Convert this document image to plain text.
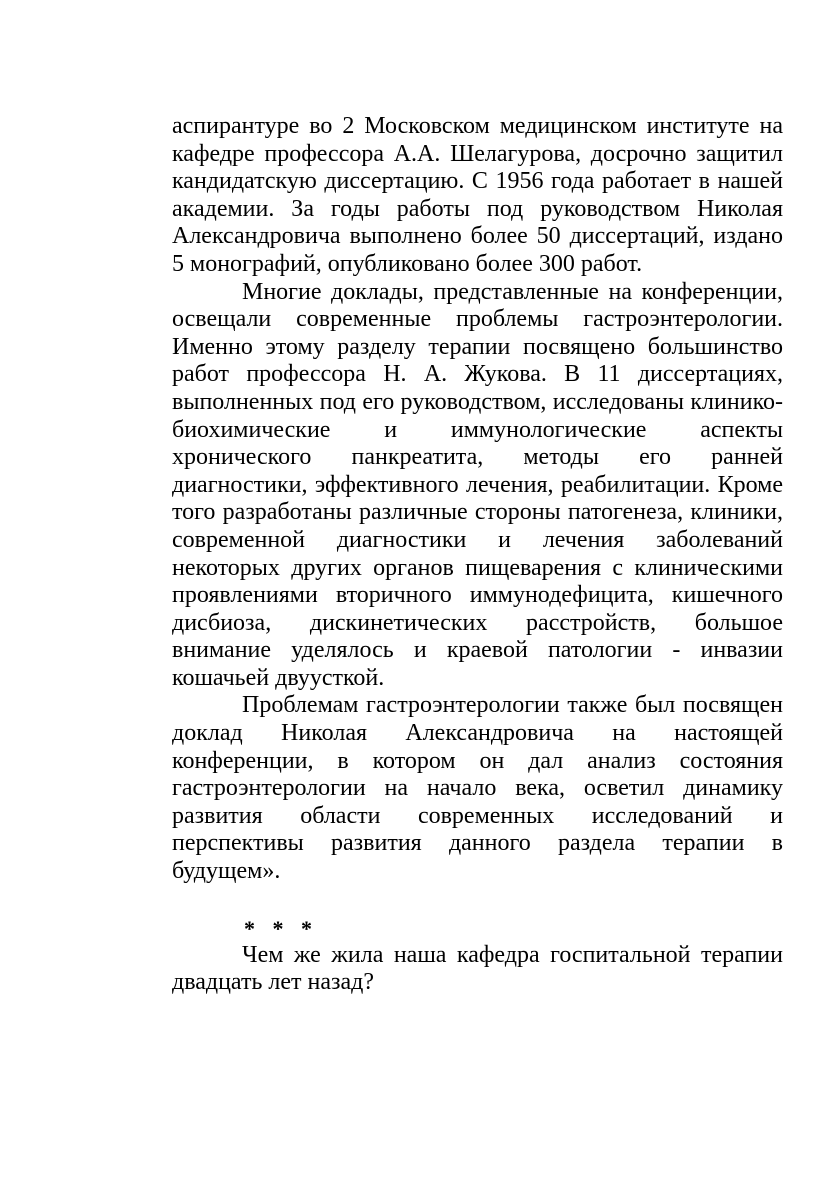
аспирантуре во 2 Московском медицинском институте на кафедре профессора А.А. Шелагурова, досрочно защитил кандидатскую диссертацию. С 1956 года работает в нашей академии. За годы работы под руководством Николая Александровича выполнено более 50 диссертаций, издано 5 монографий, опубликовано более 300 работ.

Многие доклады, представленные на конференции, освещали современные проблемы гастроэнтерологии. Именно этому разделу терапии посвящено большинство работ профессора Н. А. Жукова. В 11 диссертациях, выполненных под его руководством, исследованы клинико-биохимические и иммунологические аспекты хронического панкреатита, методы его ранней диагностики, эффективного лечения, реабилитации. Кроме того разработаны различные стороны патогенеза, клиники, современной диагностики и лечения заболеваний некоторых других органов пищеварения с клиническими проявлениями вторичного иммунодефицита, кишечного дисбиоза, дискинетических расстройств, большое внимание уделялось и краевой патологии - инвазии кошачьей двуусткой.

Проблемам гастроэнтерологии также был посвящен доклад Николая Александровича на настоящей конференции, в котором он дал анализ состояния гастроэнтерологии на начало века, осветил динамику развития области современных исследований и перспективы развития данного раздела терапии в будущем».

* * *

Чем же жила наша кафедра госпитальной терапии двадцать лет назад?
